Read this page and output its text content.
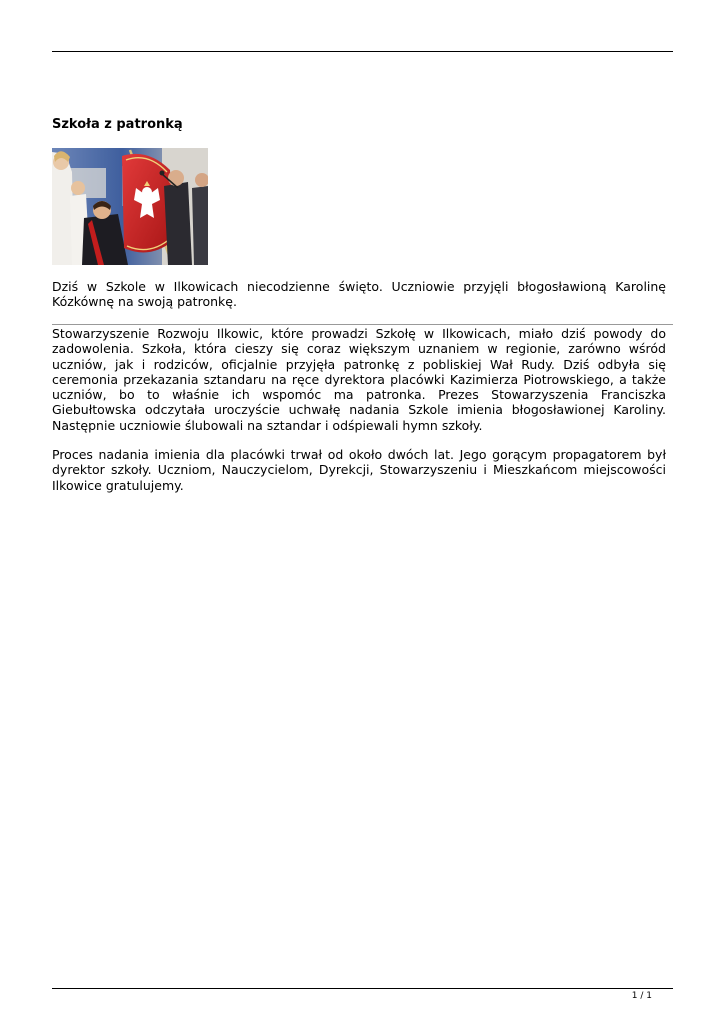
Szkoła z patronką

Dziś w Szkole w Ilkowicach niecodzienne święto. Uczniowie przyjęli błogosławioną Karolinę Kózkównę na swoją patronkę.

Stowarzyszenie Rozwoju Ilkowic, które prowadzi Szkołę w Ilkowicach, miało dziś powody do zadowolenia. Szkoła, która cieszy się coraz większym uznaniem w regionie, zarówno wśród uczniów, jak i rodziców, oficjalnie przyjęła patronkę z pobliskiej Wał Rudy. Dziś odbyła się ceremonia przekazania sztandaru na ręce dyrektora placówki Kazimierza Piotrowskiego, a także uczniów, bo to właśnie ich wspomóc ma patronka. Prezes Stowarzyszenia Franciszka Giebułtowska odczytała uroczyście uchwałę nadania Szkole imienia błogosławionej Karoliny. Następnie uczniowie ślubowali na sztandar i odśpiewali hymn szkoły.

Proces nadania imienia dla placówki trwał od około dwóch lat. Jego gorącym propagatorem był dyrektor szkoły. Uczniom, Nauczycielom, Dyrekcji, Stowarzyszeniu i Mieszkańcom miejscowości Ilkowice gratulujemy.

1 / 1
